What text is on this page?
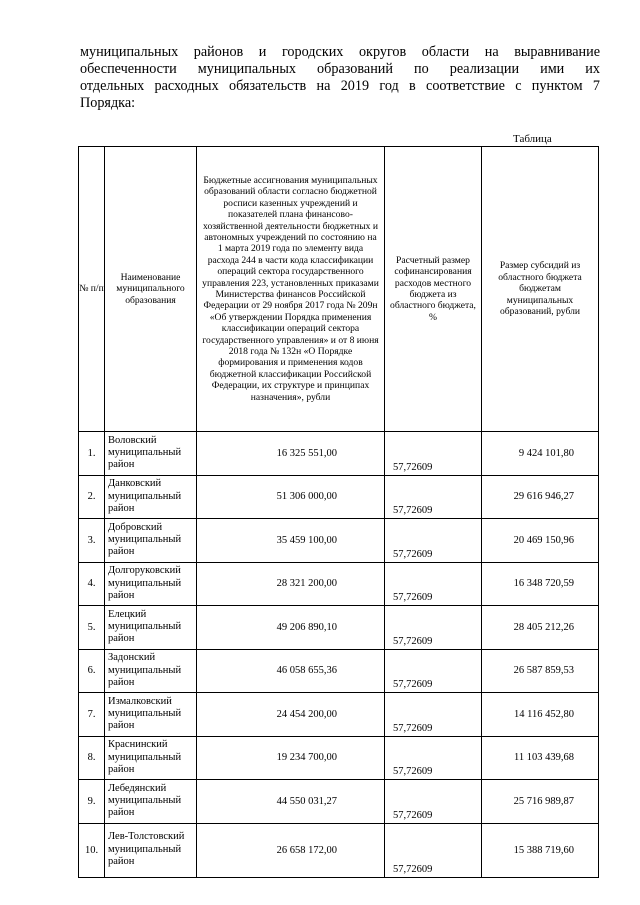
муниципальных районов и городских округов области на выравнивание
обеспеченности муниципальных образований по реализации ими их
отдельных расходных обязательств на 2019 год в соответствие с пунктом 7
Порядка:
Таблица
№ п/п	Наименование муниципального образования	Бюджетные ассигнования муниципальных образований области согласно бюджетной росписи казенных учреждений и показателей плана финансово-хозяйственной деятельности бюджетных и автономных учреждений по состоянию на 1 марта 2019 года по элементу вида расхода 244 в части кода классификации операций сектора государственного управления 223, установленных приказами Министерства финансов Российской Федерации от 29 ноября 2017 года № 209н «Об утверждении Порядка применения классификации операций сектора государственного управления» и от 8 июня 2018 года № 132н «О Порядке формирования и применения кодов бюджетной классификации Российской Федерации, их структуре и принципах назначения», рубли	Расчетный размер софинансирования расходов местного бюджета из областного бюджета, %	Размер субсидий из областного бюджета бюджетам муниципальных образований, рубли
1.	Воловский муниципальный район	16 325 551,00	57,72609	9 424 101,80
2.	Данковский муниципальный район	51 306 000,00	57,72609	29 616 946,27
3.	Добровский муниципальный район	35 459 100,00	57,72609	20 469 150,96
4.	Долгоруковский муниципальный район	28 321 200,00	57,72609	16 348 720,59
5.	Елецкий муниципальный район	49 206 890,10	57,72609	28 405 212,26
6.	Задонский муниципальный район	46 058 655,36	57,72609	26 587 859,53
7.	Измалковский муниципальный район	24 454 200,00	57,72609	14 116 452,80
8.	Краснинский муниципальный район	19 234 700,00	57,72609	11 103 439,68
9.	Лебедянский муниципальный район	44 550 031,27	57,72609	25 716 989,87
10.	Лев-Толстовский муниципальный район	26 658 172,00	57,72609	15 388 719,60
